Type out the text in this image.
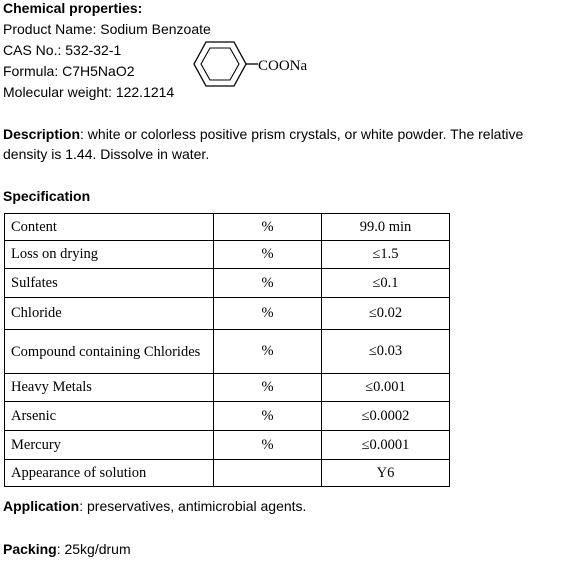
Chemical properties:
Product Name: Sodium Benzoate
CAS No.: 532-32-1
Formula: C7H5NaO2
Molecular weight: 122.1214
COONa
Description: white or colorless positive prism crystals, or white powder. The relative density is 1.44. Dissolve in water.
Specification
Content	%	99.0 min
Loss on drying	%	≤1.5
Sulfates	%	≤0.1
Chloride	%	≤0.02
Compound containing Chlorides	%	≤0.03
Heavy Metals	%	≤0.001
Arsenic	%	≤0.0002
Mercury	%	≤0.0001
Appearance of solution		Y6
Application: preservatives, antimicrobial agents.
Packing: 25kg/drum
